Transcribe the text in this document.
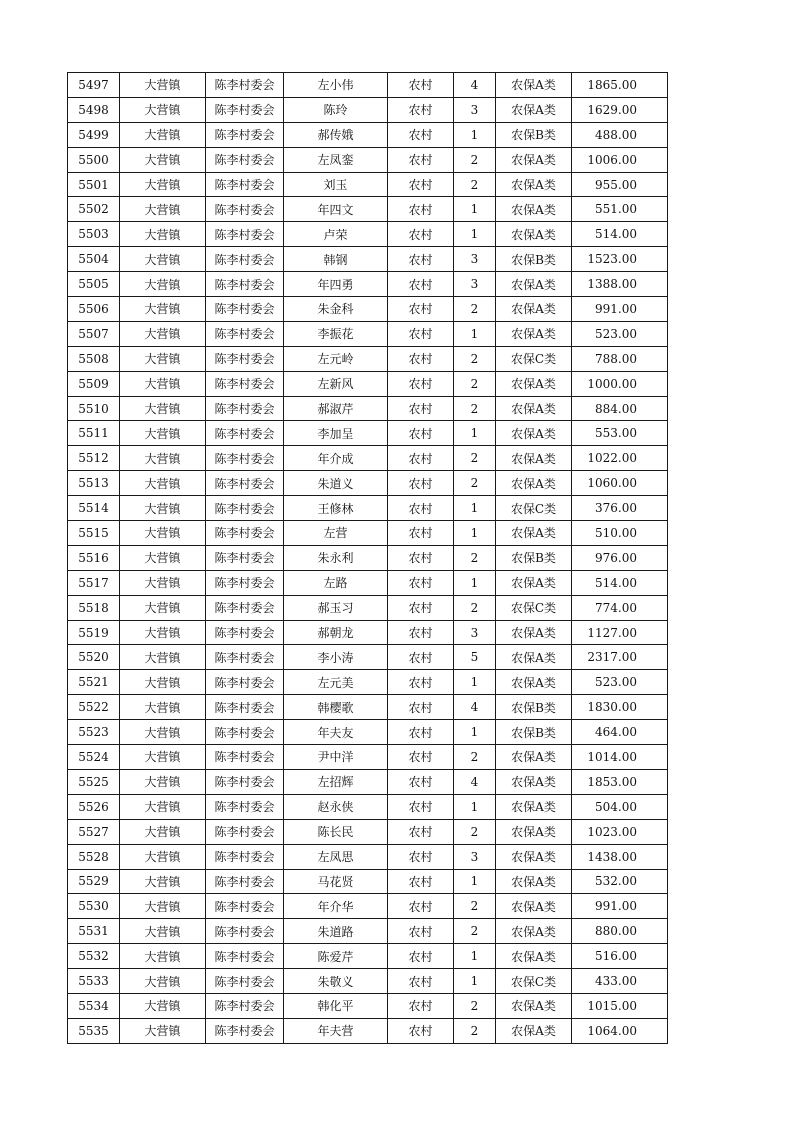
5497	大营镇	陈李村委会	左小伟	农村	4	农保A类	1865.00
5498	大营镇	陈李村委会	陈玲	农村	3	农保A类	1629.00
5499	大营镇	陈李村委会	郝传娥	农村	1	农保B类	488.00
5500	大营镇	陈李村委会	左凤銮	农村	2	农保A类	1006.00
5501	大营镇	陈李村委会	刘玉	农村	2	农保A类	955.00
5502	大营镇	陈李村委会	年四文	农村	1	农保A类	551.00
5503	大营镇	陈李村委会	卢荣	农村	1	农保A类	514.00
5504	大营镇	陈李村委会	韩钢	农村	3	农保B类	1523.00
5505	大营镇	陈李村委会	年四勇	农村	3	农保A类	1388.00
5506	大营镇	陈李村委会	朱金科	农村	2	农保A类	991.00
5507	大营镇	陈李村委会	李振花	农村	1	农保A类	523.00
5508	大营镇	陈李村委会	左元岭	农村	2	农保C类	788.00
5509	大营镇	陈李村委会	左新风	农村	2	农保A类	1000.00
5510	大营镇	陈李村委会	郝淑芹	农村	2	农保A类	884.00
5511	大营镇	陈李村委会	李加呈	农村	1	农保A类	553.00
5512	大营镇	陈李村委会	年介成	农村	2	农保A类	1022.00
5513	大营镇	陈李村委会	朱道义	农村	2	农保A类	1060.00
5514	大营镇	陈李村委会	王修林	农村	1	农保C类	376.00
5515	大营镇	陈李村委会	左营	农村	1	农保A类	510.00
5516	大营镇	陈李村委会	朱永利	农村	2	农保B类	976.00
5517	大营镇	陈李村委会	左路	农村	1	农保A类	514.00
5518	大营镇	陈李村委会	郝玉习	农村	2	农保C类	774.00
5519	大营镇	陈李村委会	郝朝龙	农村	3	农保A类	1127.00
5520	大营镇	陈李村委会	李小涛	农村	5	农保A类	2317.00
5521	大营镇	陈李村委会	左元美	农村	1	农保A类	523.00
5522	大营镇	陈李村委会	韩樱歌	农村	4	农保B类	1830.00
5523	大营镇	陈李村委会	年夫友	农村	1	农保B类	464.00
5524	大营镇	陈李村委会	尹中洋	农村	2	农保A类	1014.00
5525	大营镇	陈李村委会	左招辉	农村	4	农保A类	1853.00
5526	大营镇	陈李村委会	赵永侠	农村	1	农保A类	504.00
5527	大营镇	陈李村委会	陈长民	农村	2	农保A类	1023.00
5528	大营镇	陈李村委会	左凤思	农村	3	农保A类	1438.00
5529	大营镇	陈李村委会	马花贤	农村	1	农保A类	532.00
5530	大营镇	陈李村委会	年介华	农村	2	农保A类	991.00
5531	大营镇	陈李村委会	朱道路	农村	2	农保A类	880.00
5532	大营镇	陈李村委会	陈爱芹	农村	1	农保A类	516.00
5533	大营镇	陈李村委会	朱敬义	农村	1	农保C类	433.00
5534	大营镇	陈李村委会	韩化平	农村	2	农保A类	1015.00
5535	大营镇	陈李村委会	年夫营	农村	2	农保A类	1064.00
